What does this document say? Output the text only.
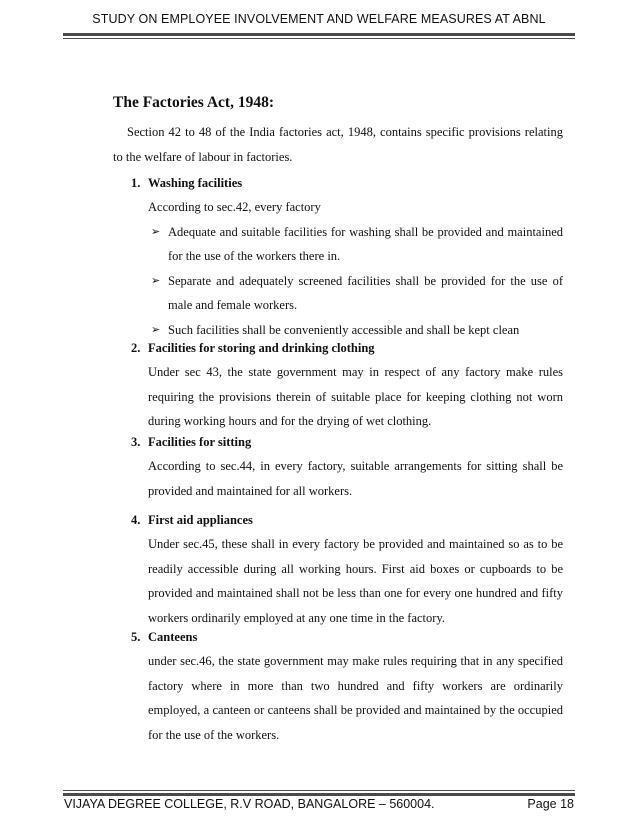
STUDY ON EMPLOYEE INVOLVEMENT AND WELFARE MEASURES AT ABNL
The Factories Act, 1948:
Section 42 to 48 of the India factories act, 1948, contains specific provisions relating to the welfare of labour in factories.
1. Washing facilities
According to sec.42, every factory
➢ Adequate and suitable facilities for washing shall be provided and maintained for the use of the workers there in.
➢ Separate and adequately screened facilities shall be provided for the use of male and female workers.
➢ Such facilities shall be conveniently accessible and shall be kept clean
2. Facilities for storing and drinking clothing
Under sec 43, the state government may in respect of any factory make rules requiring the provisions therein of suitable place for keeping clothing not worn during working hours and for the drying of wet clothing.
3. Facilities for sitting
According to sec.44, in every factory, suitable arrangements for sitting shall be provided and maintained for all workers.
4. First aid appliances
Under sec.45, these shall in every factory be provided and maintained so as to be readily accessible during all working hours. First aid boxes or cupboards to be provided and maintained shall not be less than one for every one hundred and fifty workers ordinarily employed at any one time in the factory.
5. Canteens
under sec.46, the state government may make rules requiring that in any specified factory where in more than two hundred and fifty workers are ordinarily employed, a canteen or canteens shall be provided and maintained by the occupied for the use of the workers.
VIJAYA DEGREE COLLEGE, R.V ROAD, BANGALORE – 560004.	Page 18
